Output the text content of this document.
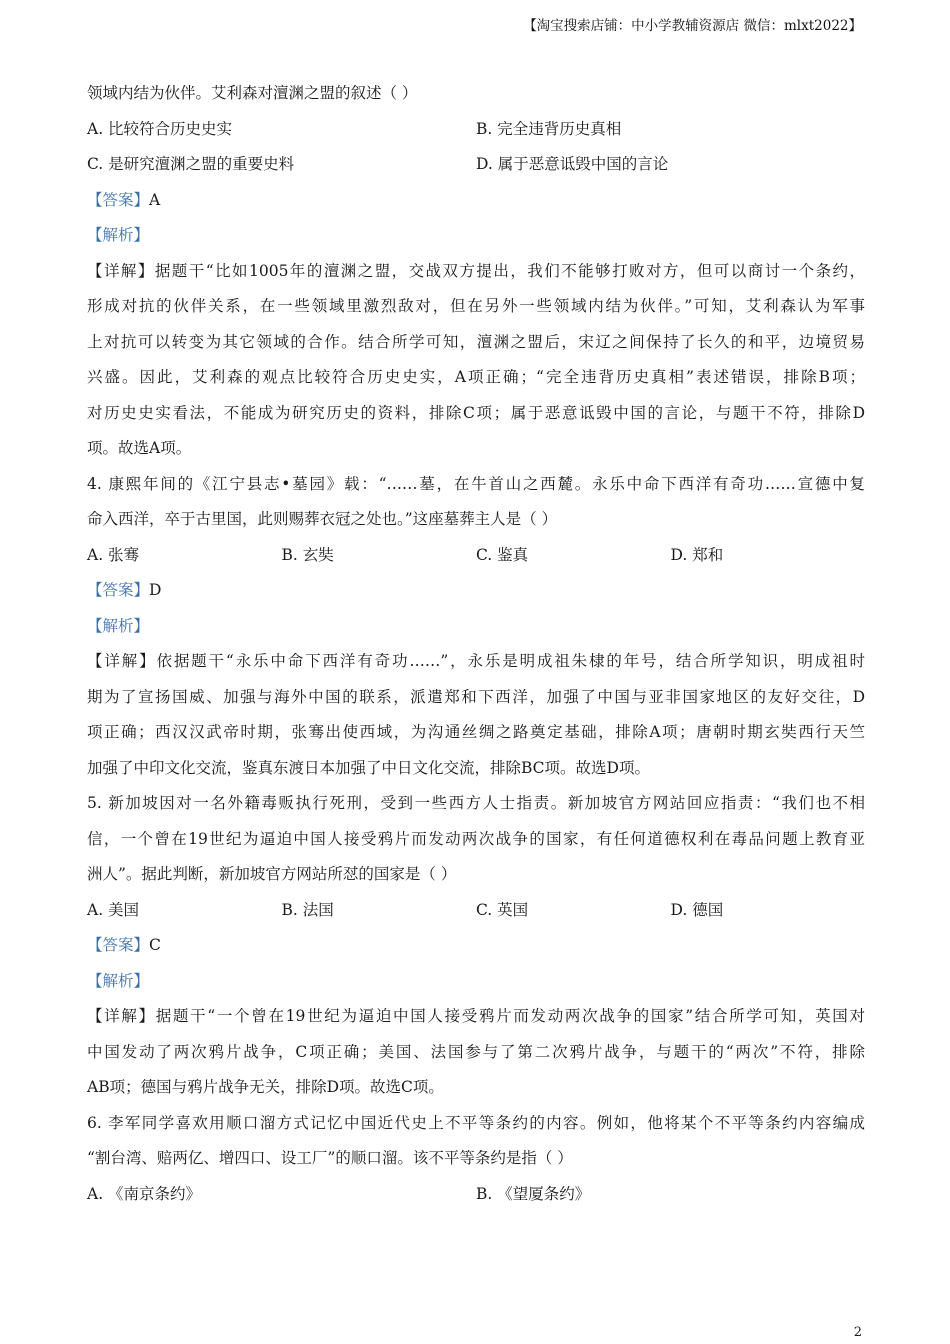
【淘宝搜索店铺：中小学教辅资源店 微信：mlxt2022】
领域内结为伙伴。艾利森对澶渊之盟的叙述（ ）
A. 比较符合历史史实	B. 完全违背历史真相
C. 是研究澶渊之盟的重要史料	D. 属于恶意诋毁中国的言论
【答案】A
【解析】
【详解】据题干“比如1005年的澶渊之盟，交战双方提出，我们不能够打败对方，但可以商讨一个条约，
形成对抗的伙伴关系，在一些领域里激烈敌对，但在另外一些领域内结为伙伴。”可知，艾利森认为军事
上对抗可以转变为其它领域的合作。结合所学可知，澶渊之盟后，宋辽之间保持了长久的和平，边境贸易
兴盛。因此，艾利森的观点比较符合历史史实，A项正确；“完全违背历史真相”表述错误，排除B项；
对历史史实看法，不能成为研究历史的资料，排除C项；属于恶意诋毁中国的言论，与题干不符，排除D
项。故选A项。
4. 康熙年间的《江宁县志•墓园》载：“……墓，在牛首山之西麓。永乐中命下西洋有奇功……宣德中复
命入西洋，卒于古里国，此则赐葬衣冠之处也。”这座墓葬主人是（ ）
A. 张骞	B. 玄奘	C. 鉴真	D. 郑和
【答案】D
【解析】
【详解】依据题干“永乐中命下西洋有奇功……”，永乐是明成祖朱棣的年号，结合所学知识，明成祖时
期为了宣扬国威、加强与海外中国的联系，派遣郑和下西洋，加强了中国与亚非国家地区的友好交往，D
项正确；西汉汉武帝时期，张骞出使西域，为沟通丝绸之路奠定基础，排除A项；唐朝时期玄奘西行天竺
加强了中印文化交流，鉴真东渡日本加强了中日文化交流，排除BC项。故选D项。
5. 新加坡因对一名外籍毒贩执行死刑，受到一些西方人士指责。新加坡官方网站回应指责：“我们也不相
信，一个曾在19世纪为逼迫中国人接受鸦片而发动两次战争的国家，有任何道德权利在毒品问题上教育亚
洲人”。据此判断，新加坡官方网站所怼的国家是（ ）
A. 美国	B. 法国	C. 英国	D. 德国
【答案】C
【解析】
【详解】据题干“一个曾在19世纪为逼迫中国人接受鸦片而发动两次战争的国家”结合所学可知，英国对
中国发动了两次鸦片战争，C项正确；美国、法国参与了第二次鸦片战争，与题干的“两次”不符，排除
AB项；德国与鸦片战争无关，排除D项。故选C项。
6. 李军同学喜欢用顺口溜方式记忆中国近代史上不平等条约的内容。例如，他将某个不平等条约内容编成
“割台湾、赔两亿、增四口、设工厂”的顺口溜。该不平等条约是指（ ）
A. 《南京条约》	B. 《望厦条约》
2
